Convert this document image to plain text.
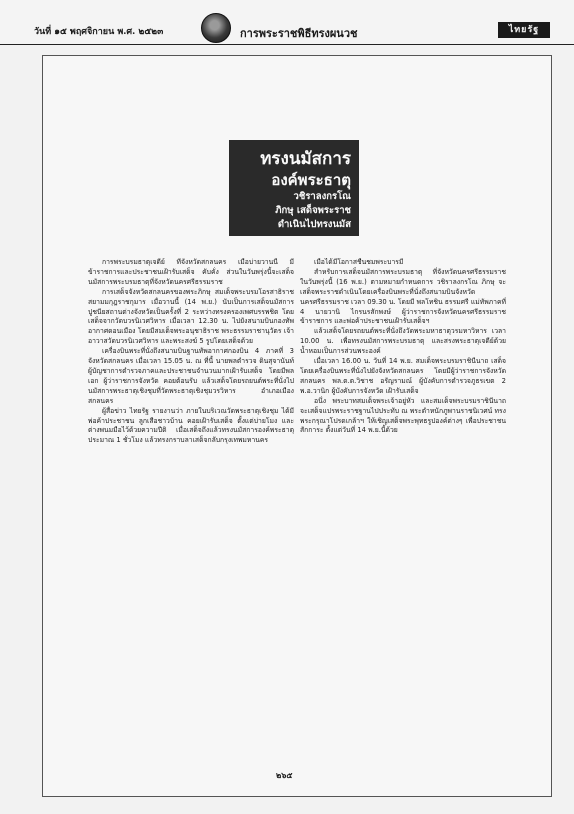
วันที่ ๑๕ พฤศจิกายน พ.ศ. ๒๕๒๓	การพระราชพิธีทรงผนวช	ไทยรัฐ
ทรงนมัสการ
องค์พระธาตุ
วชิราลงกรโณ
ภิกษุ เสด็จพระราช
ดำเนินไปทรงนมัส

การพระบรมธาตุเจดีย์ ที่จังหวัดสกลนคร เมื่อบ่ายวานนี้ มีข้าราชการและประชาชนเฝ้ารับเสด็จ คับคั่ง ส่วนในวันพรุ่งนี้จะเสด็จนมัสการพระบรมธาตุที่จังหวัดนครศรีธรรมราช

การเสด็จจังหวัดสกลนครของพระภิกษุ สมเด็จพระบรมโอรสาธิราช สยามมกุฎราชกุมาร เมื่อวานนี้ (14 พ.ย.) นับเป็นการเสด็จนมัสการปูชนียสถานต่างจังหวัดเป็นครั้งที่ 2 ระหว่างทรงครองเพศบรรพชิต โดยเสด็จจากวัดบวรนิเวศวิหาร เมื่อเวลา 12.30 น. ไปยังสนามบินกองทัพอากาศดอนเมือง โดยมีสมเด็จพระอนุชาธิราช พระธรรมราชานุวัตร เจ้าอาวาสวัดบวรนิเวศวิหาร และพระสงฆ์ 5 รูปโดยเสด็จด้วย

เครื่องบินพระที่นั่งถึงสนามบินฐานทัพอากาศกองบิน 4 ภาคที่ 3 จังหวัดสกลนคร เมื่อเวลา 15.05 น. ณ ที่นี้ นายพลตำรวจ ดินสุจานันท์ ผู้บัญชาการตำรวจภาคและประชาชนจำนวนมากเฝ้ารับเสด็จ โดยมีพลเอก ผู้ว่าราชการจังหวัด คอยต้อนรับ แล้วเสด็จโดยรถยนต์พระที่นั่งไปนมัสการพระธาตุเชิงชุมที่วัดพระธาตุเชิงชุมวรวิหาร อำเภอเมืองสกลนคร

ผู้สื่อข่าว ไทยรัฐ รายงานว่า ภายในบริเวณวัดพระธาตุเชิงชุม ได้มีพ่อค้าประชาชน ลูกเสือชาวบ้าน คอยเฝ้ารับเสด็จ ตั้งแต่บ่ายโมง และต่างพนมมือไว้ด้วยความปีติ เมื่อเสด็จถึงแล้วทรงนมัสการองค์พระธาตุ ประมาณ 1 ชั่วโมง แล้วทรงกราบลาเสด็จกลับกรุงเทพมหานคร

เมื่อได้มีโอกาสชื่นชมพระบารมี

สำหรับการเสด็จนมัสการพระบรมธาตุ ที่จังหวัดนครศรีธรรมราช ในวันพรุ่งนี้ (16 พ.ย.) ตามหมายกำหนดการ วชิราลงกรโณ ภิกษุ จะเสด็จพระราชดำเนินโดยเครื่องบินพระที่นั่งถึงสนามบินจังหวัดนครศรีธรรมราช เวลา 09.30 น. โดยมี พลโทชิน ธรรมศรี แม่ทัพภาคที่ 4 นายวานิ ไกรนรสักพงษ์ ผู้ว่าราชการจังหวัดนครศรีธรรมราช ข้าราชการ และพ่อค้าประชาชนเฝ้ารับเสด็จฯ

แล้วเสด็จโดยรถยนต์พระที่นั่งถึงวัดพระมหาธาตุวรมหาวิหาร เวลา 10.00 น. เพื่อทรงนมัสการพระบรมธาตุ และสรงพระธาตุเจดีย์ด้วยน้ำหอมเป็นการส่วนพระองค์

เมื่อเวลา 16.00 น. วันที่ 14 พ.ย. สมเด็จพระบรมราชินีนาถ เสด็จโดยเครื่องบินพระที่นั่งไปยังจังหวัดสกลนคร โดยมีผู้ว่าราชการจังหวัดสกลนคร พล.ต.ต.วิชาช อรัญรามณ์ ผู้บังคับการตำรวจภูธรเขต 2 พ.อ.วานิก ผู้บังคับการจังหวัด เฝ้ารับเสด็จ

อนึ่ง พระบาทสมเด็จพระเจ้าอยู่หัว และสมเด็จพระบรมราชินีนาถ จะเสด็จแปรพระราชฐานไปประทับ ณ พระตำหนักภูพานราชนิเวศน์ ทรงพระกรุณาโปรดเกล้าฯ ให้เชิญเสด็จพระพุทธรูปองค์ต่างๆ เพื่อประชาชนสักการะ ตั้งแต่วันที่ 14 พ.ย.นี้ด้วย

๒๖๕
